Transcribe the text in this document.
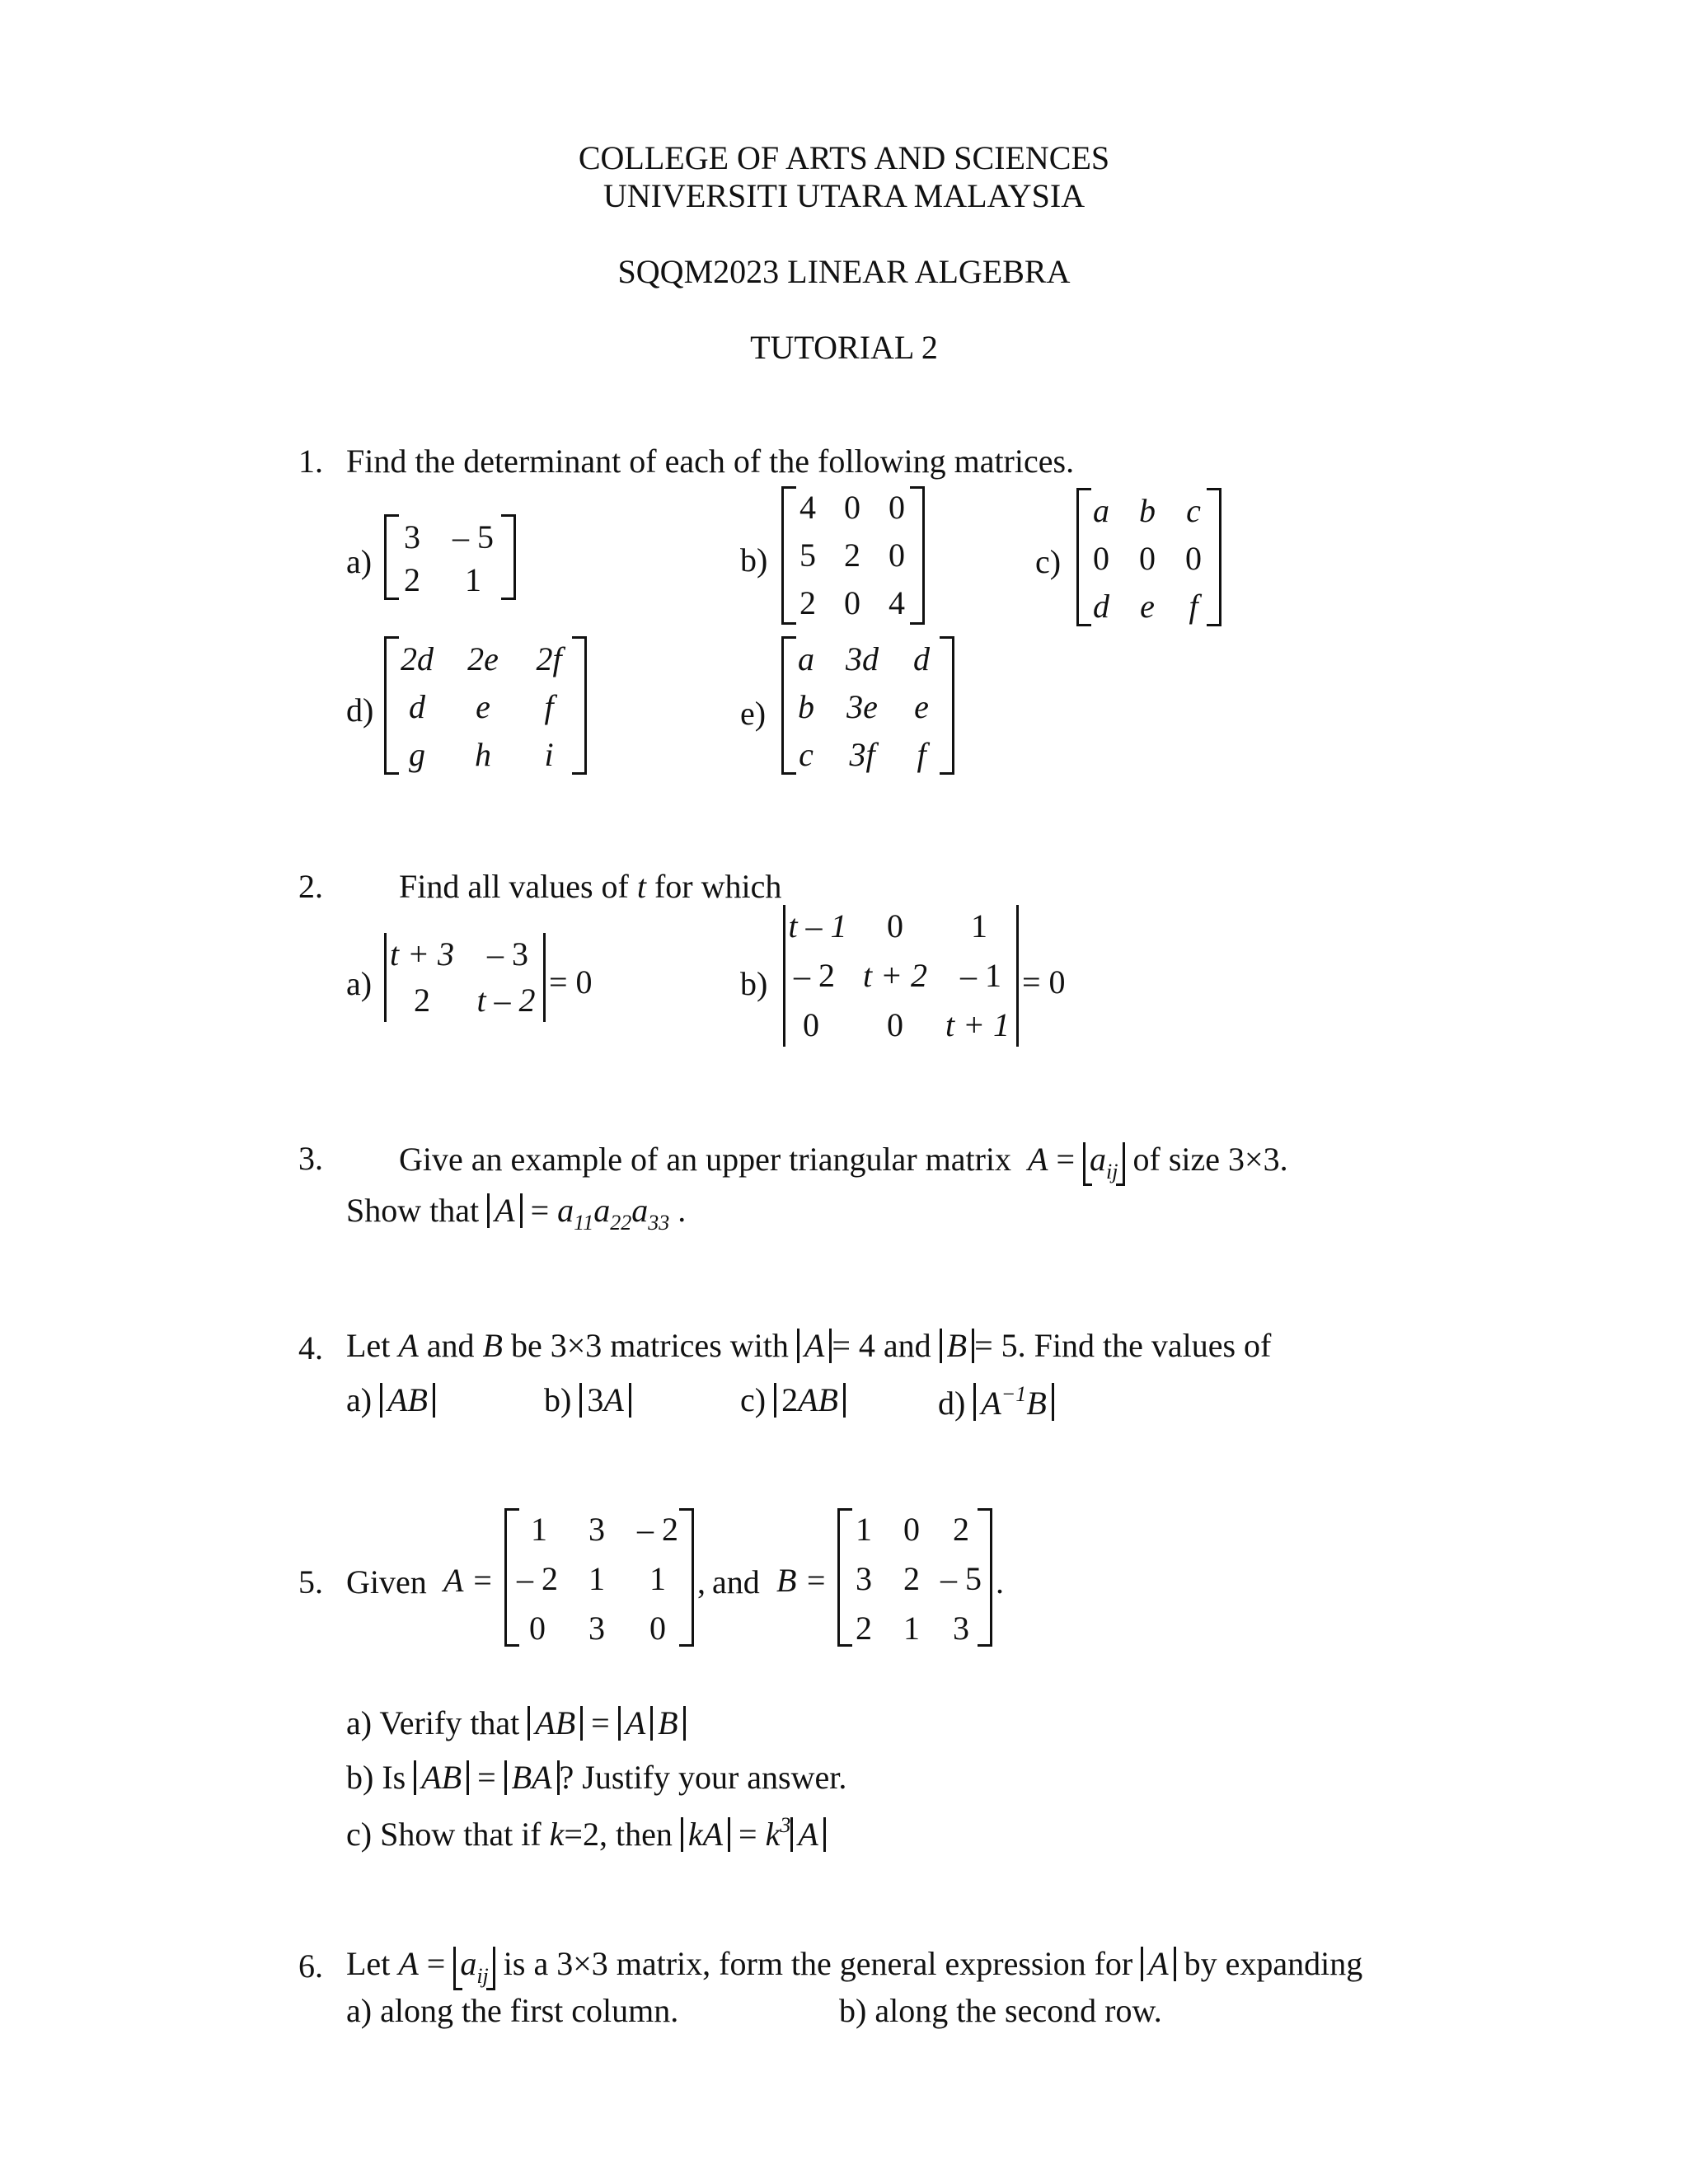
COLLEGE OF ARTS AND SCIENCES
UNIVERSITI UTARA MALAYSIA
SQQM2023 LINEAR ALGEBRA
TUTORIAL 2
1. Find the determinant of each of the following matrices.
a)
3 – 5
2 1
b)
4 0 0
5 2 0
2 0 4
c)
a b c
0 0 0
d e f
d)
2d 2e 2f
d e f
g h i
e)
a 3d d
b 3e e
c 3f f
2. Find all values of t for which
a)
t + 3 – 3
2 t – 2 = 0	b)
t – 1 0 1
– 2 t + 2 – 1
0 0 t + 1
= 0
3. Give an example of an upper triangular matrix  $A = a_{ij}$ of size 3×3.
Show that $A = a_{11}a_{22}a_{33}$ .
4. Let A and B be 3×3 matrices with A = 4 and B = 5. Find the values of
a) AB	b) 3A	c) 2AB	d) $A^{-1}B$
5. Given A =
1 3 – 2
– 2 1 1
0 3 0
, and B =
1 0 2
3 2 – 5
2 1 3
.
a) Verify that AB = A B
b) Is AB = BA ? Justify your answer.
c) Show that if k=2, then kA = $k^3$ A
6. Let $A = a_{ij}$ is a 3×3 matrix, form the general expression for A by expanding
a) along the first column.	b) along the second row.
